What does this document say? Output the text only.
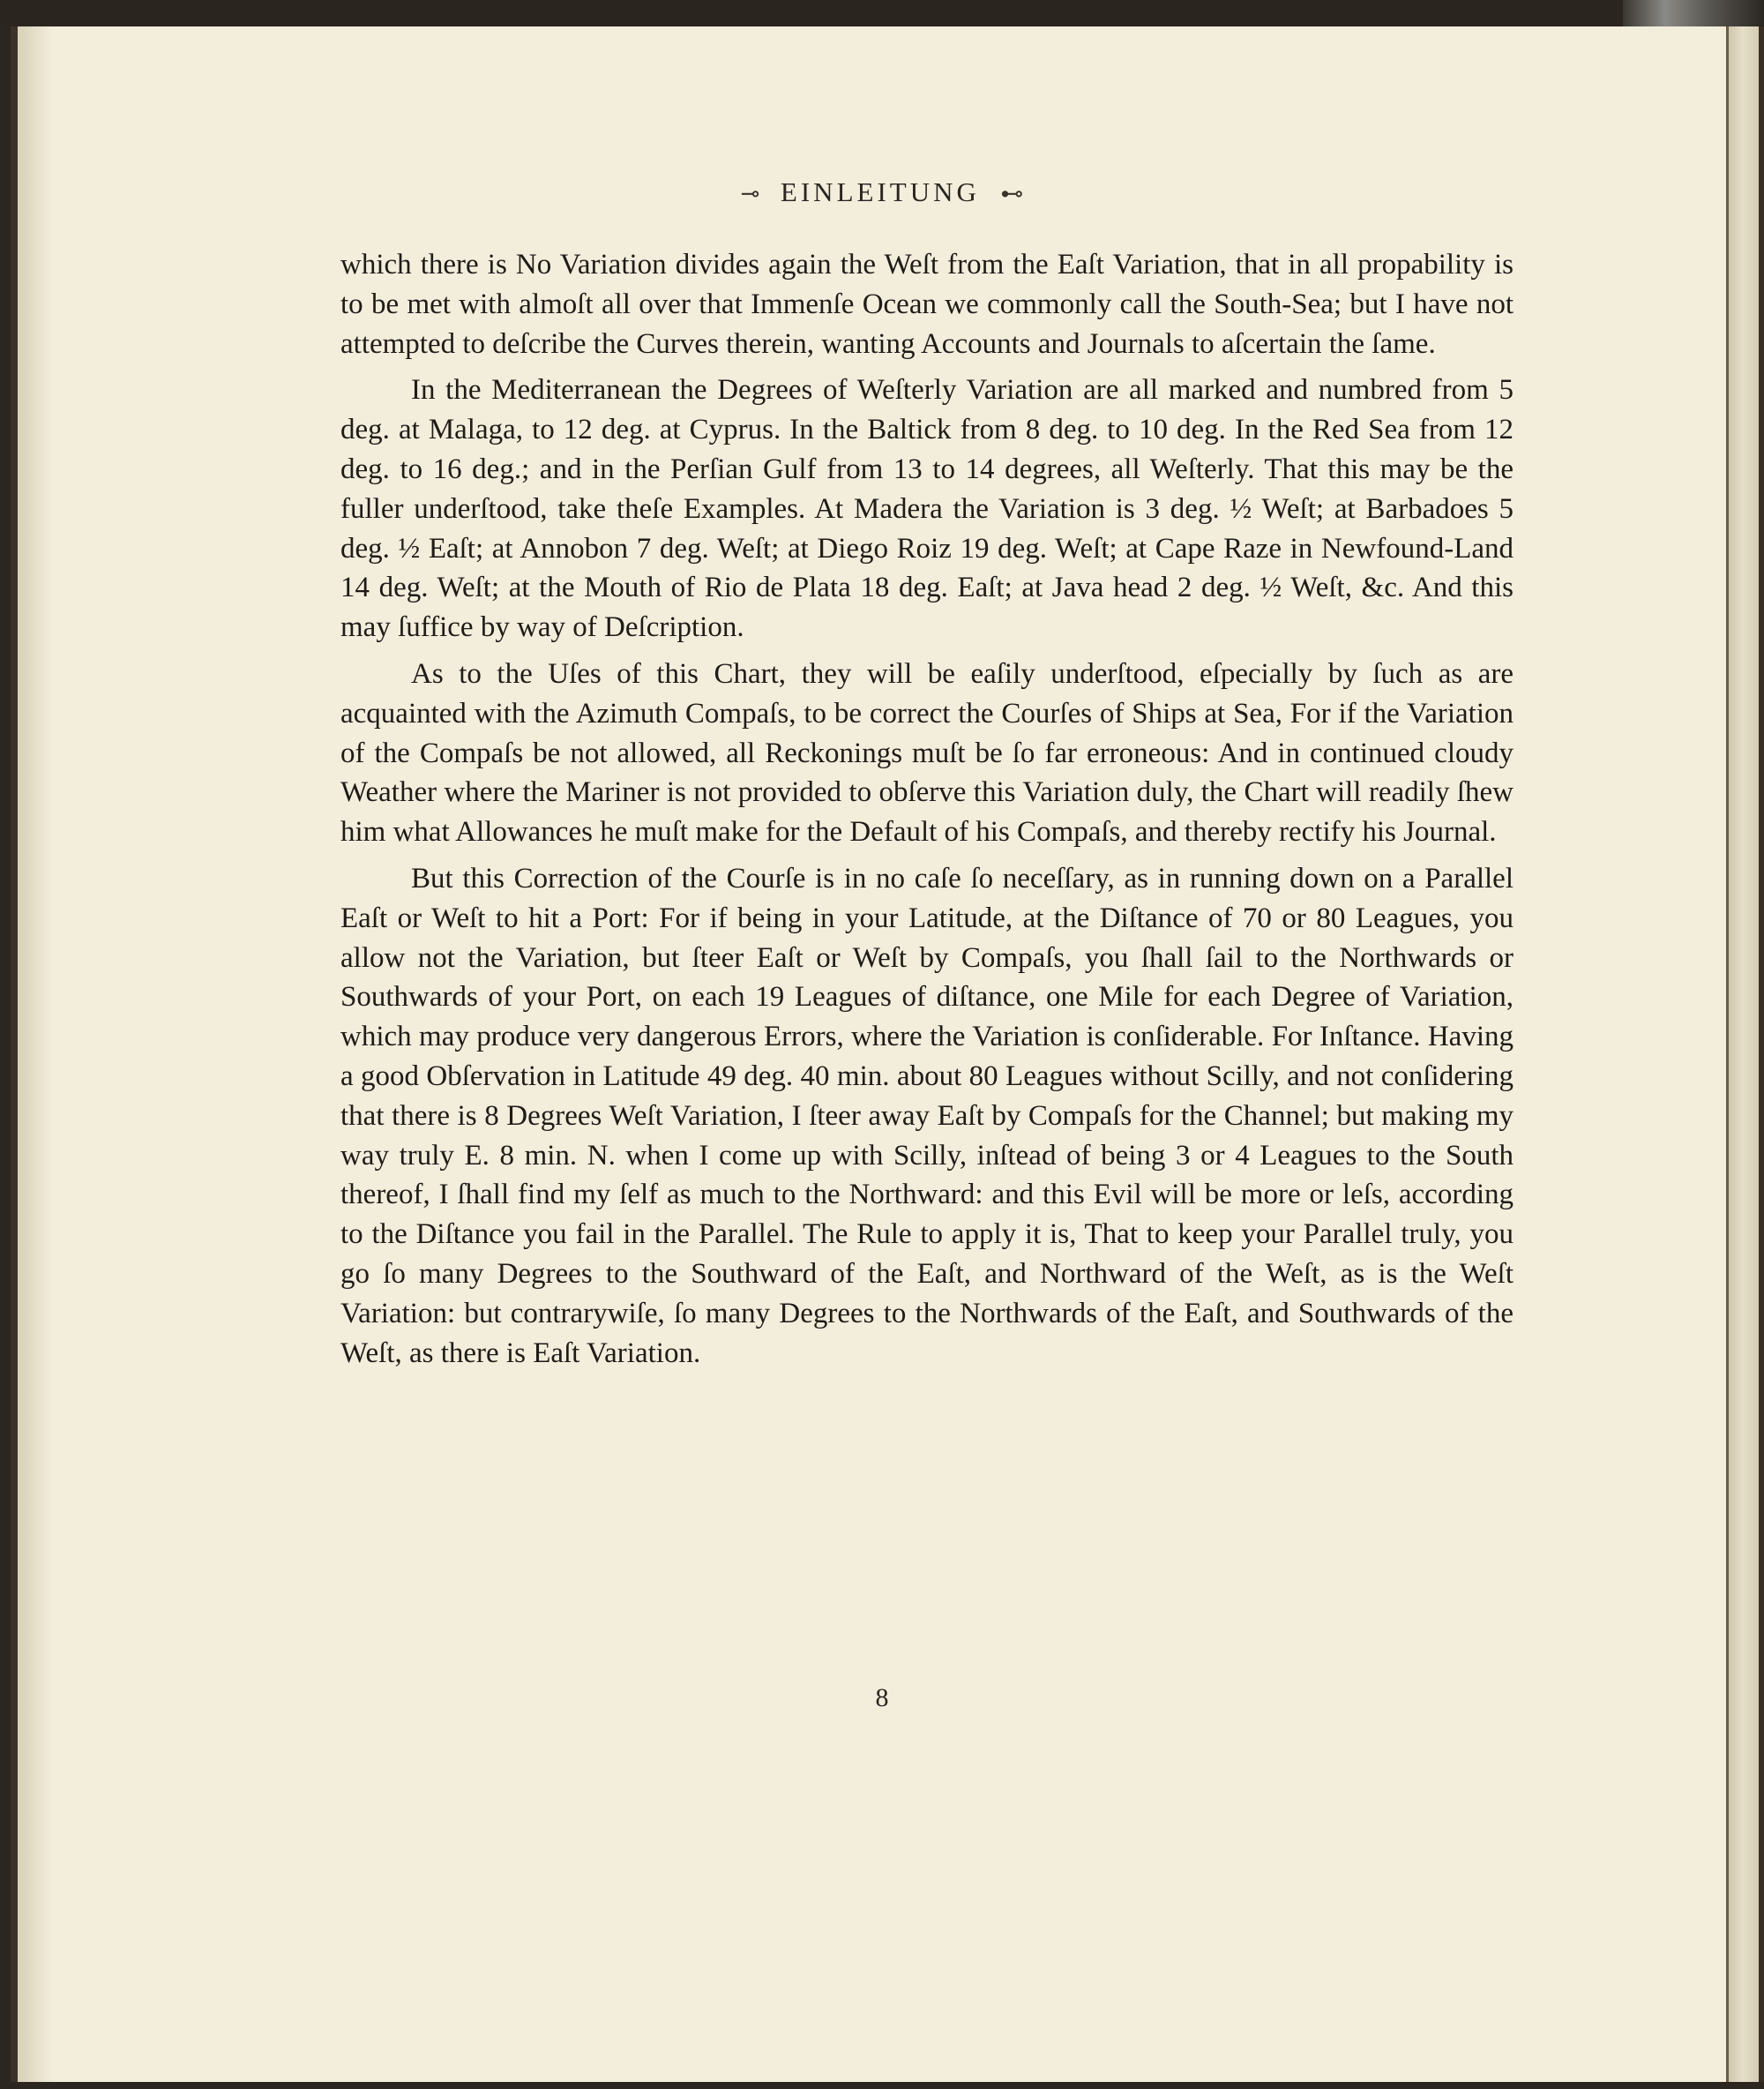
⊸ EINLEITUNG ⊷

which there is No Variation divides again the Weſt from the Eaſt Variation, that in all propability is to be met with almoſt all over that Immenſe Ocean we commonly call the South-Sea; but I have not attempted to deſcribe the Curves therein, wanting Accounts and Journals to aſcertain the ſame.

In the Mediterranean the Degrees of Weſterly Variation are all marked and numbred from 5 deg. at Malaga, to 12 deg. at Cyprus. In the Baltick from 8 deg. to 10 deg. In the Red Sea from 12 deg. to 16 deg.; and in the Perſian Gulf from 13 to 14 degrees, all Weſterly. That this may be the fuller underſtood, take theſe Examples. At Madera the Variation is 3 deg. ½ Weſt; at Barbadoes 5 deg. ½ Eaſt; at Annobon 7 deg. Weſt; at Diego Roiz 19 deg. Weſt; at Cape Raze in Newfound-Land 14 deg. Weſt; at the Mouth of Rio de Plata 18 deg. Eaſt; at Java head 2 deg. ½ Weſt, &c. And this may ſuffice by way of Deſcription.

As to the Uſes of this Chart, they will be eaſily underſtood, eſpecially by ſuch as are acquainted with the Azimuth Compaſs, to be correct the Courſes of Ships at Sea, For if the Variation of the Compaſs be not allowed, all Reckonings muſt be ſo far erroneous: And in continued cloudy Weather where the Mariner is not provided to obſerve this Variation duly, the Chart will readily ſhew him what Allowances he muſt make for the Default of his Compaſs, and thereby rectify his Journal.

But this Correction of the Courſe is in no caſe ſo neceſſary, as in running down on a Parallel Eaſt or Weſt to hit a Port: For if being in your Latitude, at the Diſtance of 70 or 80 Leagues, you allow not the Variation, but ſteer Eaſt or Weſt by Compaſs, you ſhall ſail to the Northwards or Southwards of your Port, on each 19 Leagues of diſtance, one Mile for each Degree of Variation, which may produce very dangerous Errors, where the Variation is conſiderable. For Inſtance. Having a good Obſervation in Latitude 49 deg. 40 min. about 80 Leagues without Scilly, and not conſidering that there is 8 Degrees Weſt Variation, I ſteer away Eaſt by Compaſs for the Channel; but making my way truly E. 8 min. N. when I come up with Scilly, inſtead of being 3 or 4 Leagues to the South thereof, I ſhall find my ſelf as much to the Northward: and this Evil will be more or leſs, according to the Diſtance you fail in the Parallel. The Rule to apply it is, That to keep your Parallel truly, you go ſo many Degrees to the Southward of the Eaſt, and Northward of the Weſt, as is the Weſt Variation: but contrarywiſe, ſo many Degrees to the Northwards of the Eaſt, and Southwards of the Weſt, as there is Eaſt Variation.

8
